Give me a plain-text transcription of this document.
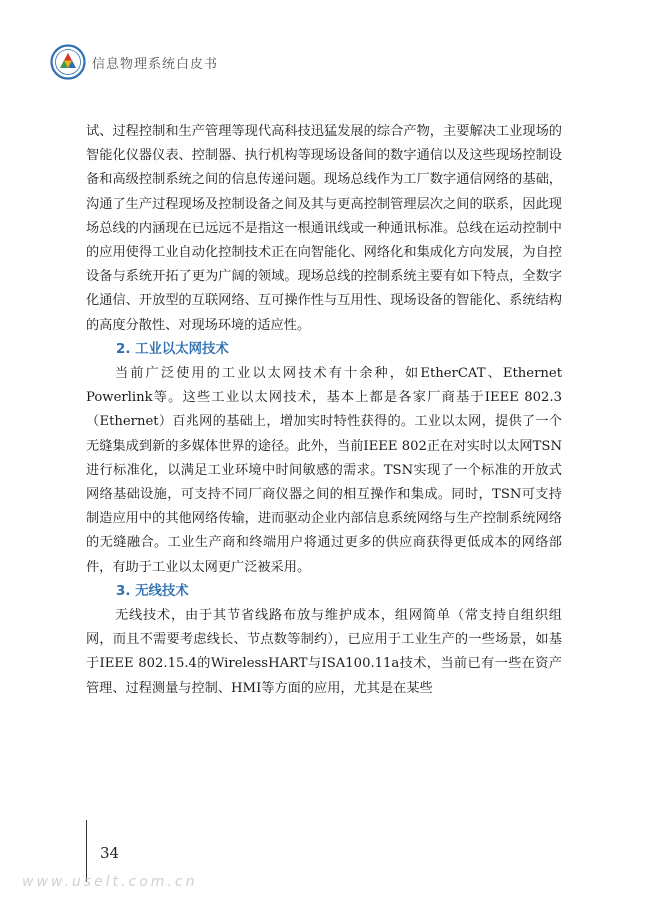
信息物理系统白皮书

试、过程控制和生产管理等现代高科技迅猛发展的综合产物，主要解决工业现场的智能化仪器仪表、控制器、执行机构等现场设备间的数字通信以及这些现场控制设备和高级控制系统之间的信息传递问题。现场总线作为工厂数字通信网络的基础，沟通了生产过程现场及控制设备之间及其与更高控制管理层次之间的联系，因此现场总线的内涵现在已远远不是指这一根通讯线或一种通讯标准。总线在运动控制中的应用使得工业自动化控制技术正在向智能化、网络化和集成化方向发展，为自控设备与系统开拓了更为广阔的领域。现场总线的控制系统主要有如下特点，全数字化通信、开放型的互联网络、互可操作性与互用性、现场设备的智能化、系统结构的高度分散性、对现场环境的适应性。

2. 工业以太网技术

当前广泛使用的工业以太网技术有十余种，如EtherCAT、Ethernet Powerlink等。这些工业以太网技术，基本上都是各家厂商基于IEEE 802.3（Ethernet）百兆网的基础上，增加实时特性获得的。工业以太网，提供了一个无缝集成到新的多媒体世界的途径。此外，当前IEEE 802正在对实时以太网TSN进行标准化，以满足工业环境中时间敏感的需求。TSN实现了一个标准的开放式网络基础设施，可支持不同厂商仪器之间的相互操作和集成。同时，TSN可支持制造应用中的其他网络传输，进而驱动企业内部信息系统网络与生产控制系统网络的无缝融合。工业生产商和终端用户将通过更多的供应商获得更低成本的网络部件，有助于工业以太网更广泛被采用。

3. 无线技术

无线技术，由于其节省线路布放与维护成本，组网简单（常支持自组织组网，而且不需要考虑线长、节点数等制约），已应用于工业生产的一些场景，如基于IEEE 802.15.4的WirelessHART与ISA100.11a技术，当前已有一些在资产管理、过程测量与控制、HMI等方面的应用，尤其是在某些

34
www.uselt.com.cn
